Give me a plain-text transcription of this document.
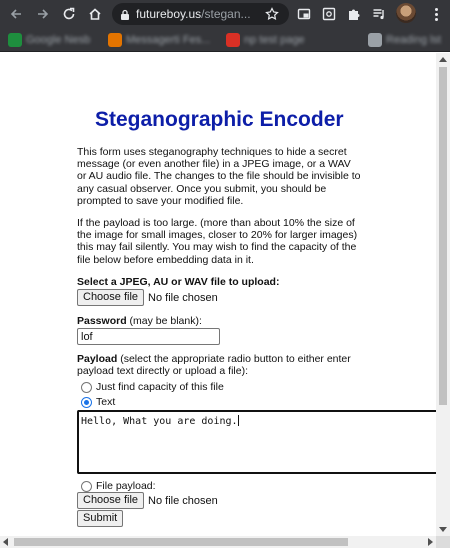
futureboy.us /stegan...
Google Nesb	Messagerti Fes...	np test page	Reading lst
Steganographic Encoder

This form uses steganography techniques to hide a secret message (or even another file) in a JPEG image, or a WAV or AU audio file. The changes to the file should be invisible to any casual observer. Once you submit, you should be prompted to save your modified file.

If the payload is too large. (more than about 10% the size of the image for small images, closer to 20% for larger images) this may fail silently. You may wish to find the capacity of the file below before embedding data in it.

Select a JPEG, AU or WAV file to upload:
Choose file No file chosen
Password (may be blank):
lof
Payload (select the appropriate radio button to either enter payload text directly or upload a file):
Just find capacity of this file
Text
Hello, What you are doing.
File payload:
Choose file No file chosen
Submit
